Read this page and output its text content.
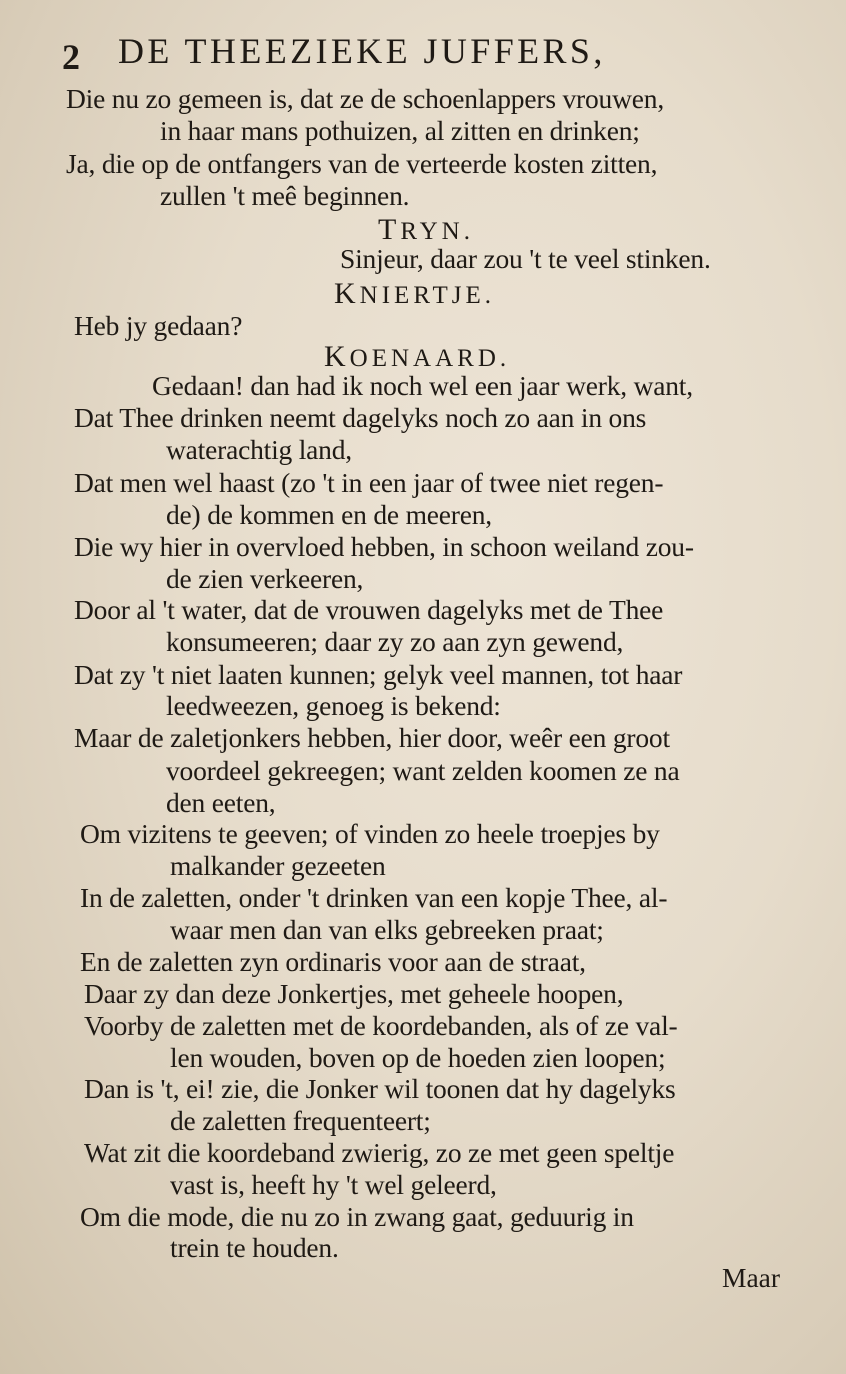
2 DE THEEZIEKE JUFFERS,
Die nu zo gemeen is, dat ze de schoenlappers vrouwen,
in haar mans pothuizen, al zitten en drinken;
Ja, die op de ontfangers van de verteerde kosten zitten,
zullen 't meê beginnen.
TRYN.
Sinjeur, daar zou 't te veel stinken.
KNIERTJE.
Heb jy gedaan?
KOENAARD.
Gedaan! dan had ik noch wel een jaar werk, want,
Dat Thee drinken neemt dagelyks noch zo aan in ons
waterachtig land,
Dat men wel haast (zo 't in een jaar of twee niet regen-
de) de kommen en de meeren,
Die wy hier in overvloed hebben, in schoon weiland zou-
de zien verkeeren,
Door al 't water, dat de vrouwen dagelyks met de Thee
konsumeeren; daar zy zo aan zyn gewend,
Dat zy 't niet laaten kunnen; gelyk veel mannen, tot haar
leedweezen, genoeg is bekend:
Maar de zaletjonkers hebben, hier door, weêr een groot
voordeel gekreegen; want zelden koomen ze na
den eeten,
Om vizitens te geeven; of vinden zo heele troepjes by
malkander gezeeten
In de zaletten, onder 't drinken van een kopje Thee, al-
waar men dan van elks gebreeken praat;
En de zaletten zyn ordinaris voor aan de straat,
Daar zy dan deze Jonkertjes, met geheele hoopen,
Voorby de zaletten met de koordebanden, als of ze val-
len wouden, boven op de hoeden zien loopen;
Dan is 't, ei! zie, die Jonker wil toonen dat hy dagelyks
de zaletten frequenteert;
Wat zit die koordeband zwierig, zo ze met geen speltje
vast is, heeft hy 't wel geleerd,
Om die mode, die nu zo in zwang gaat, geduurig in
trein te houden.
Maar
